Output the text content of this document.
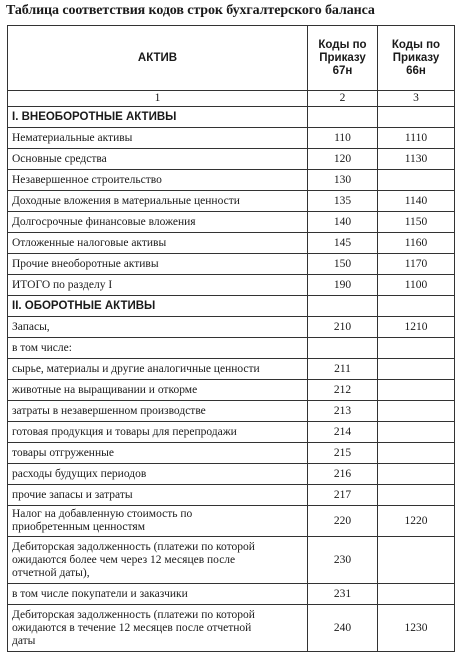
Таблица соответствия кодов строк бухгалтерского баланса
АКТИВ	Коды по
Приказу
67н	Коды по
Приказу
66н
1	2	3
I. ВНЕОБОРОТНЫЕ АКТИВЫ		
Нематериальные активы	110	1110
Основные средства	120	1130
Незавершенное строительство	130	
Доходные вложения в материальные ценности	135	1140
Долгосрочные финансовые вложения	140	1150
Отложенные налоговые активы	145	1160
Прочие внеоборотные активы	150	1170
ИТОГО по разделу I	190	1100
II. ОБОРОТНЫЕ АКТИВЫ		
Запасы,	210	1210
в том числе:		
сырье, материалы и другие аналогичные ценности	211	
животные на выращивании и откорме	212	
затраты в незавершенном производстве	213	
готовая продукция и товары для перепродажи	214	
товары отгруженные	215	
расходы будущих периодов	216	
прочие запасы и затраты	217	
Налог на добавленную стоимость по
приобретенным ценностям	220	1220
Дебиторская задолженность (платежи по которой
ожидаются более чем через 12 месяцев после
отчетной даты),	230	
в том числе покупатели и заказчики	231	
Дебиторская задолженность (платежи по которой
ожидаются в течение 12 месяцев после отчетной
даты	240	1230
